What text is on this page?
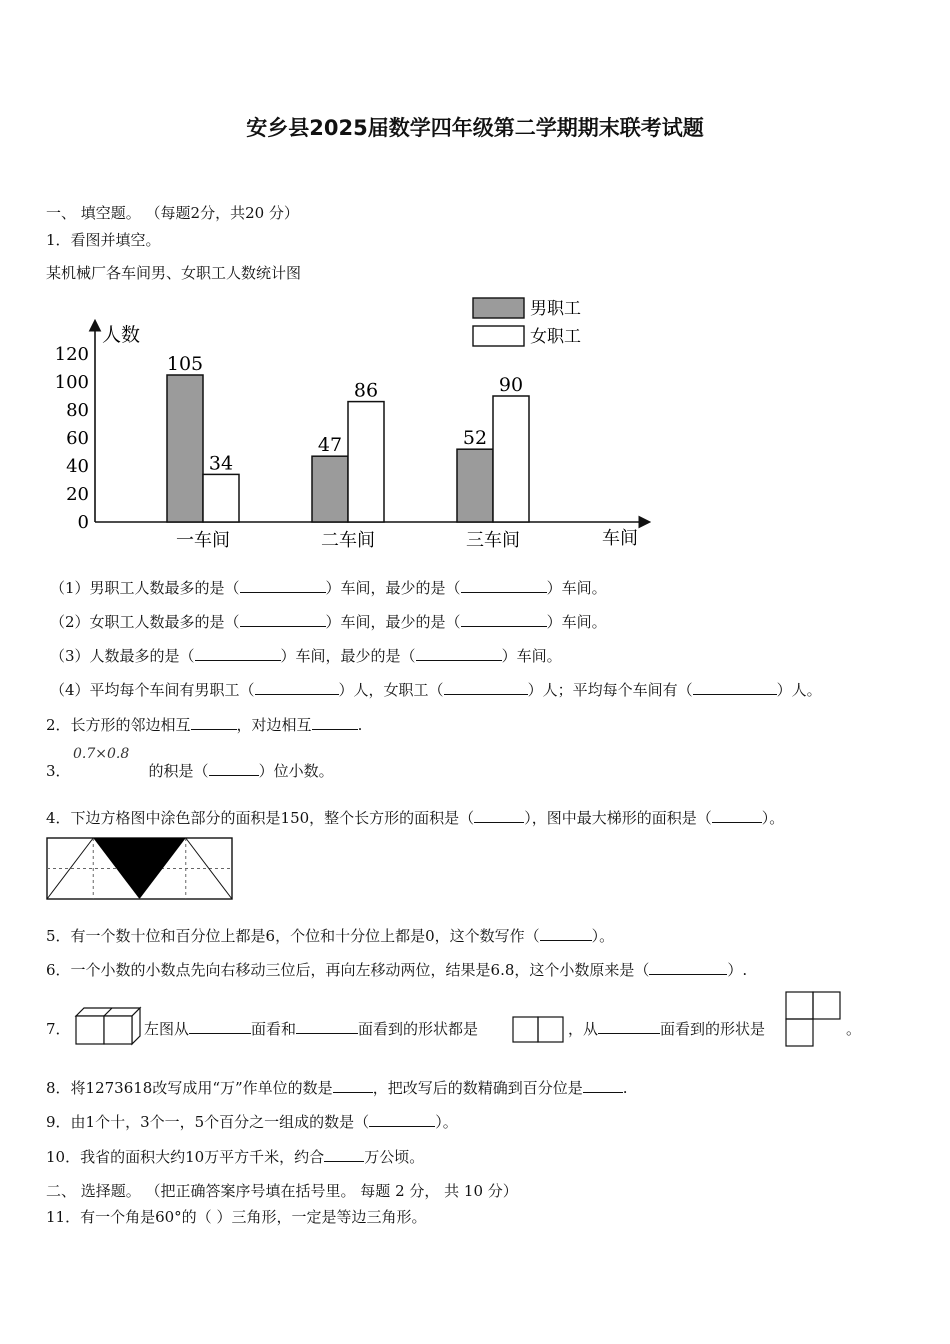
安乡县2025届数学四年级第二学期期末联考试题
一、 填空题。 （每题2分，共20 分）
1．看图并填空。
某机械厂各车间男、女职工人数统计图
人数
车间
0
20
40
60
80
100
120	105
34
一车间
47
86
二车间
52
90
三车间
男职工
女职工
（1）男职工人数最多的是（	）车间，最少的是（	）车间。
（2）女职工人数最多的是（	）车间，最少的是（	）车间。
（3）人数最多的是（	）车间，最少的是（	）车间。
（4）平均每个车间有男职工（	）人，女职工（	）人；平均每个车间有（	）人。
2．长方形的邻边相互	，对边相互	.
0.7×0.8
3．	的积是（	）位小数。
4．下边方格图中涂色部分的面积是150，整个长方形的面积是（	），图中最大梯形的面积是（	）。
5．有一个数十位和百分位上都是6，个位和十分位上都是0，这个数写作（	）。
6．一个小数的小数点先向右移动三位后，再向左移动两位，结果是6.8，这个小数原来是（	）.
7．	左图从	面看和	面看到的形状都是	，从	面看到的形状是	。
8．将1273618改写成用“万”作单位的数是	，把改写后的数精确到百分位是	.
9．由1个十，3个一，5个百分之一组成的数是（	）。
10．我省的面积大约10万平方千米，约合	万公顷。
二、 选择题。 （把正确答案序号填在括号里。 每题 2 分， 共 10 分）
11．有一个角是60°的（ ）三角形，一定是等边三角形。
